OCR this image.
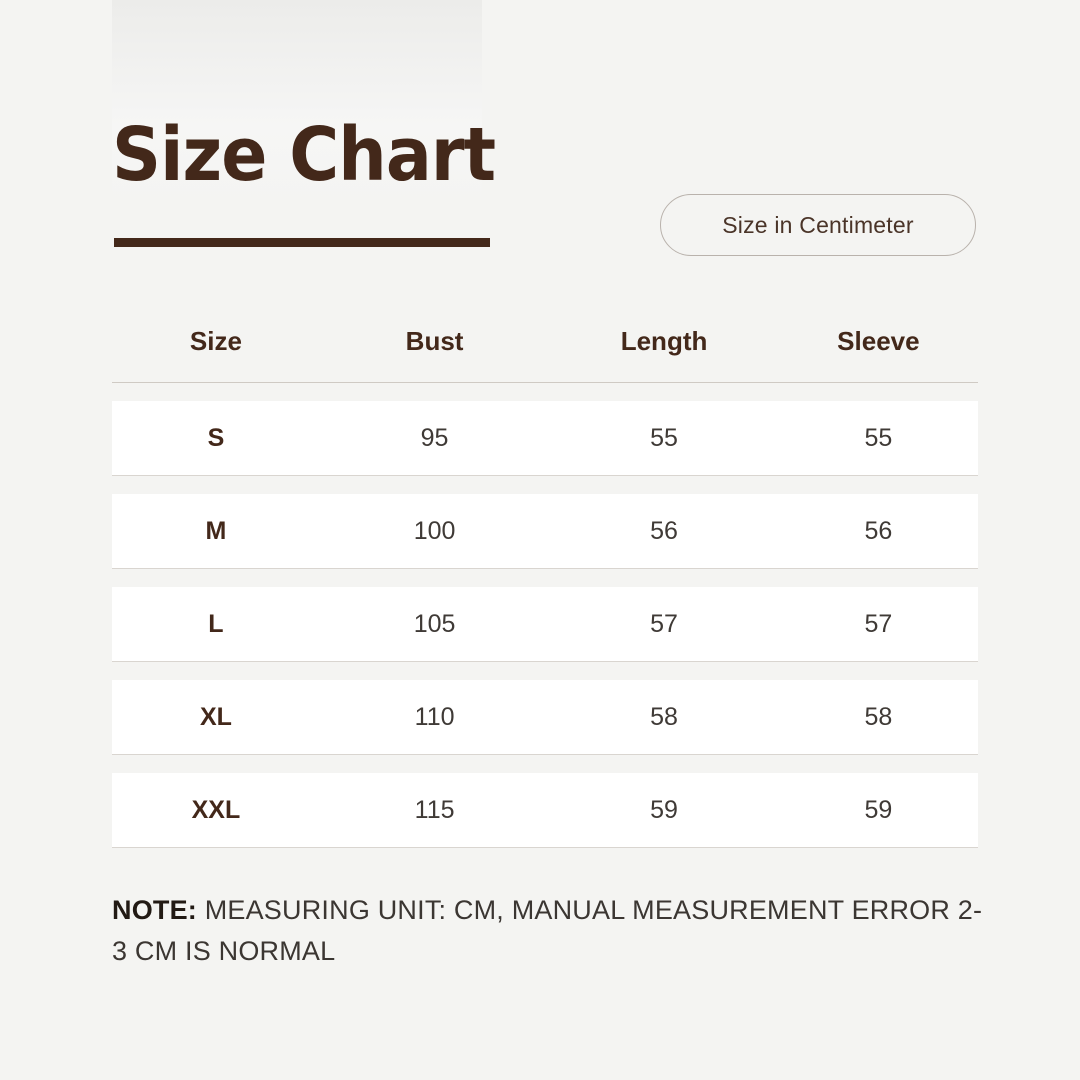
Size Chart
Size in Centimeter
Size	Bust	Length	Sleeve
S	95	55	55
M	100	56	56
L	105	57	57
XL	110	58	58
XXL	115	59	59
NOTE: MEASURING UNIT: CM, MANUAL MEASUREMENT ERROR 2-3 CM IS NORMAL
